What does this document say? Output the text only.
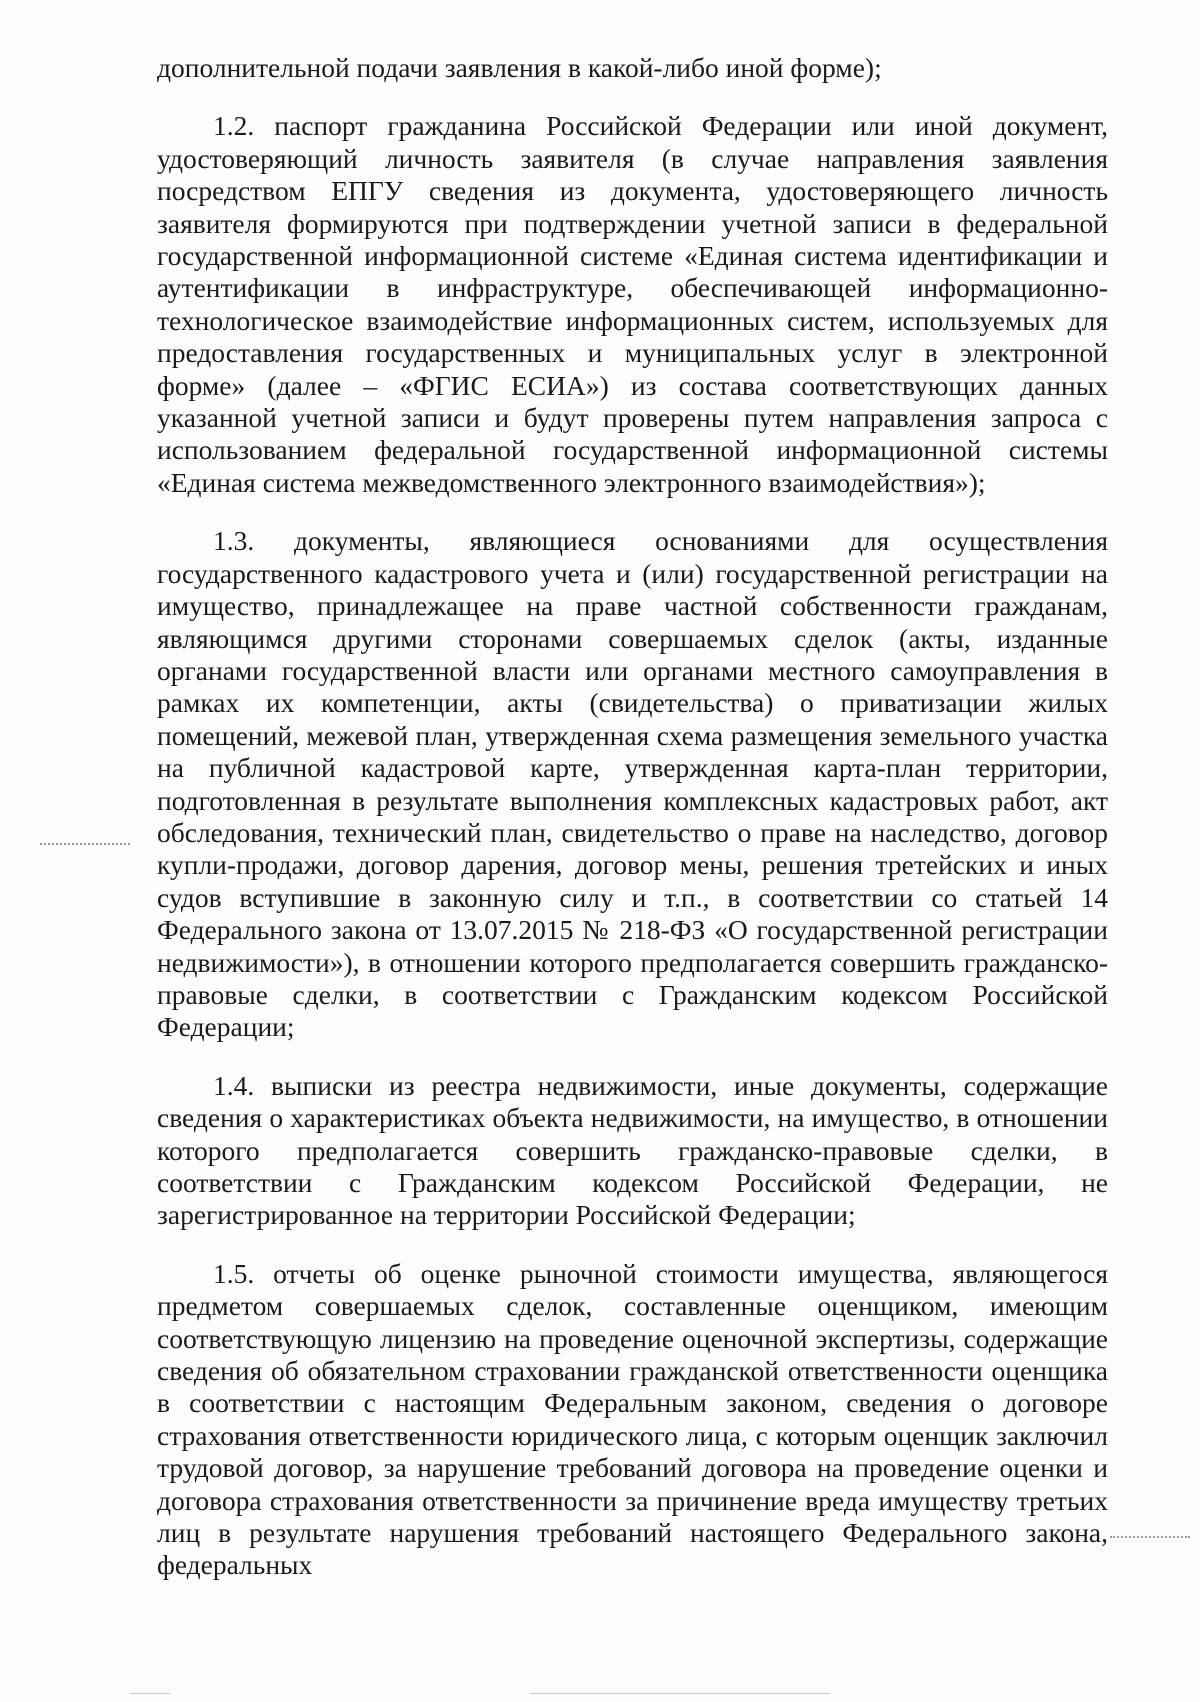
дополнительной подачи заявления в какой-либо иной форме);

1.2. паспорт гражданина Российской Федерации или иной документ, удостоверяющий личность заявителя (в случае направления заявления посредством ЕПГУ сведения из документа, удостоверяющего личность заявителя формируются при подтверждении учетной записи в федеральной государственной информационной системе «Единая система идентификации и аутентификации в инфраструктуре, обеспечивающей информационно-технологическое взаимодействие информационных систем, используемых для предоставления государственных и муниципальных услуг в электронной форме» (далее – «ФГИС ЕСИА») из состава соответствующих данных указанной учетной записи и будут проверены путем направления запроса с использованием федеральной государственной информационной системы «Единая система межведомственного электронного взаимодействия»);

1.3. документы, являющиеся основаниями для осуществления государственного кадастрового учета и (или) государственной регистрации на имущество, принадлежащее на праве частной собственности гражданам, являющимся другими сторонами совершаемых сделок (акты, изданные органами государственной власти или органами местного самоуправления в рамках их компетенции, акты (свидетельства) о приватизации жилых помещений, межевой план, утвержденная схема размещения земельного участка на публичной кадастровой карте, утвержденная карта-план территории, подготовленная в результате выполнения комплексных кадастровых работ, акт обследования, технический план, свидетельство о праве на наследство, договор купли-продажи, договор дарения, договор мены, решения третейских и иных судов вступившие в законную силу и т.п., в соответствии со статьей 14 Федерального закона от 13.07.2015 № 218-ФЗ «О государственной регистрации недвижимости»), в отношении которого предполагается совершить гражданско-правовые сделки, в соответствии с Гражданским кодексом Российской Федерации;

1.4. выписки из реестра недвижимости, иные документы, содержащие сведения о характеристиках объекта недвижимости, на имущество, в отношении которого предполагается совершить гражданско-правовые сделки, в соответствии с Гражданским кодексом Российской Федерации, не зарегистрированное на территории Российской Федерации;

1.5. отчеты об оценке рыночной стоимости имущества, являющегося предметом совершаемых сделок, составленные оценщиком, имеющим соответствующую лицензию на проведение оценочной экспертизы, содержащие сведения об обязательном страховании гражданской ответственности оценщика в соответствии с настоящим Федеральным законом, сведения о договоре страхования ответственности юридического лица, с которым оценщик заключил трудовой договор, за нарушение требований договора на проведение оценки и договора страхования ответственности за причинение вреда имуществу третьих лиц в результате нарушения требований настоящего Федерального закона, федеральных
